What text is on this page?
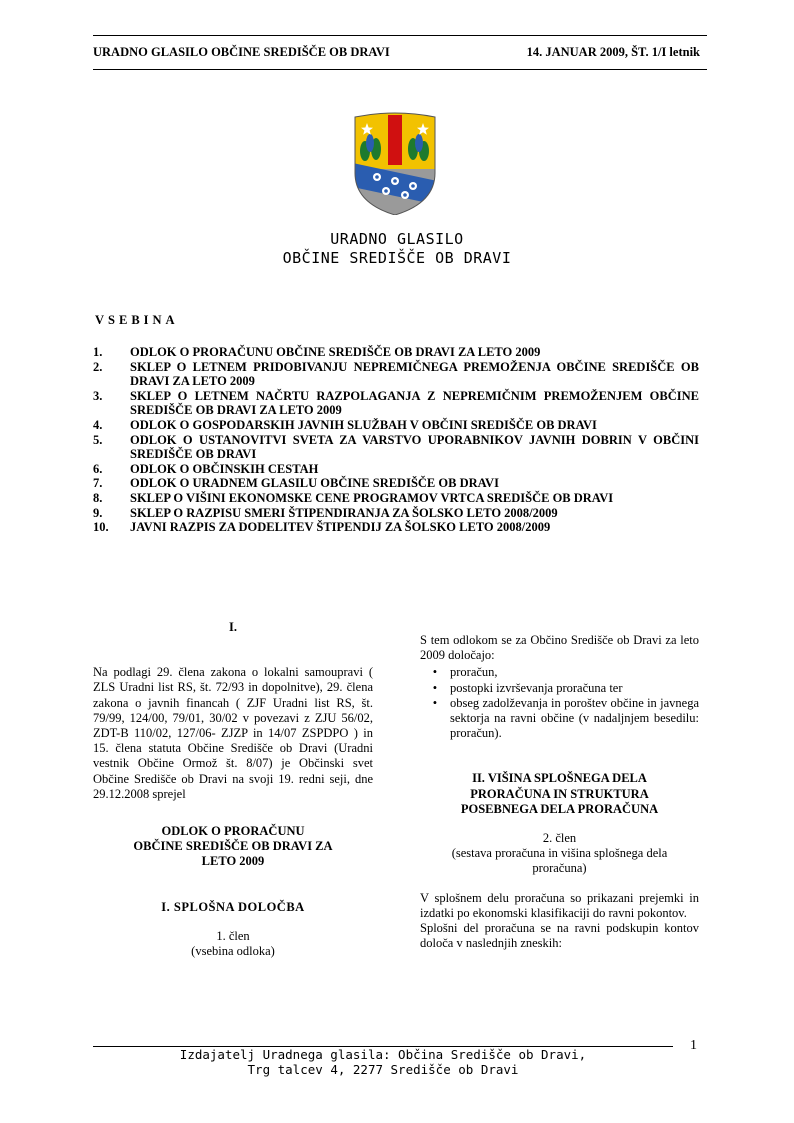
URADNO GLASILO OBČINE SREDIŠČE OB DRAVI	14. JANUAR 2009, ŠT. 1/I letnik
URADNO GLASILO
OBČINE SREDIŠČE OB DRAVI
VSEBINA
1.	ODLOK O PRORAČUNU OBČINE SREDIŠČE OB DRAVI ZA LETO 2009
2.	SKLEP O LETNEM PRIDOBIVANJU NEPREMIČNEGA PREMOŽENJA OBČINE SREDIŠČE OB DRAVI ZA LETO 2009
3.	SKLEP O LETNEM NAČRTU RAZPOLAGANJA Z NEPREMIČNIM PREMOŽENJEM OBČINE SREDIŠČE OB DRAVI ZA LETO 2009
4.	ODLOK O GOSPODARSKIH JAVNIH SLUŽBAH V OBČINI SREDIŠČE OB DRAVI
5.	ODLOK O USTANOVITVI SVETA ZA VARSTVO UPORABNIKOV JAVNIH DOBRIN V OBČINI SREDIŠČE OB DRAVI
6.	ODLOK O OBČINSKIH CESTAH
7.	ODLOK O URADNEM GLASILU OBČINE SREDIŠČE OB DRAVI
8.	SKLEP O VIŠINI EKONOMSKE CENE PROGRAMOV VRTCA SREDIŠČE OB DRAVI
9.	SKLEP O RAZPISU SMERI ŠTIPENDIRANJA ZA ŠOLSKO LETO 2008/2009
10.	JAVNI RAZPIS ZA DODELITEV ŠTIPENDIJ ZA ŠOLSKO LETO 2008/2009
I.

Na podlagi 29. člena zakona o lokalni samoupravi ( ZLS Uradni list RS, št. 72/93 in dopolnitve), 29. člena zakona o javnih financah ( ZJF Uradni list RS, št. 79/99, 124/00, 79/01, 30/02 v povezavi z ZJU 56/02, ZDT-B 110/02, 127/06- ZJZP in 14/07 ZSPDPO ) in 15. člena statuta Občine Središče ob Dravi (Uradni vestnik Občine Ormož št. 8/07) je Občinski svet Občine Središče ob Dravi na svoji 19. redni seji, dne 29.12.2008 sprejel

ODLOK O PRORAČUNU
OBČINE SREDIŠČE OB DRAVI ZA
LETO 2009
I. SPLOŠNA DOLOČBA
1. člen
(vsebina odloka)

S tem odlokom se za Občino Središče ob Dravi za leto 2009 določajo:

•	proračun,
•	postopki izvrševanja proračuna ter
•	obseg zadolževanja in poroštev občine in javnega sektorja na ravni občine (v nadaljnjem besedilu: proračun).
II. VIŠINA SPLOŠNEGA DELA
PRORAČUNA IN STRUKTURA
POSEBNEGA DELA PRORAČUNA
2. člen
(sestava proračuna in višina splošnega dela proračuna)

V splošnem delu proračuna so prikazani prejemki in izdatki po ekonomski klasifikaciji do ravni pokontov.

Splošni del proračuna se na ravni podskupin kontov določa v naslednjih zneskih:

Izdajatelj Uradnega glasila: Občina Središče ob Dravi,
Trg talcev 4, 2277 Središče ob Dravi
1
